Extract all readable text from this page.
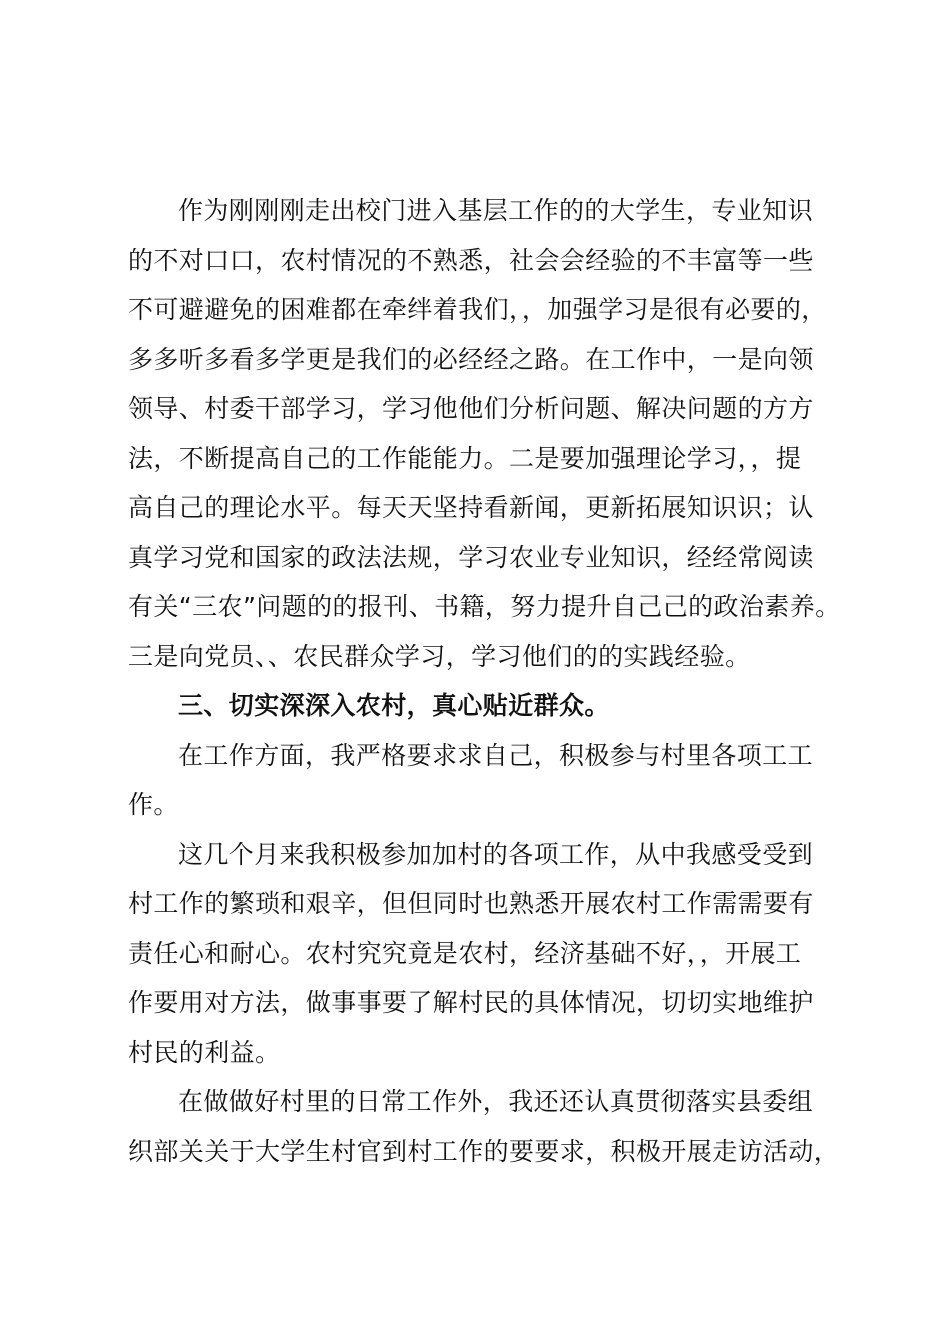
作为刚刚刚走出校门进入基层工作的的大学生，专业知识
的不对口口，农村情况的不熟悉，社会会经验的不丰富等一些
不可避避免的困难都在牵绊着我们，，加强学习是很有必要的，
多多听多看多学更是我们的必经经之路。在工作中，一是向领
领导、村委干部学习，学习他他们分析问题、解决问题的方方
法，不断提高自己的工作能能力。二是要加强理论学习，，提
高自己的理论水平。每天天坚持看新闻，更新拓展知识识；认
真学习党和国家的政法法规，学习农业专业知识，经经常阅读
有关“三农”问题的的报刊、书籍，努力提升自己己的政治素养。
三是向党员、、农民群众学习，学习他们的的实践经验。
三、切实深深入农村，真心贴近群众。
在工作方面，我严格要求求自己，积极参与村里各项工工
作。
这几个月来我积极参加加村的各项工作，从中我感受受到
村工作的繁琐和艰辛，但但同时也熟悉开展农村工作需需要有
责任心和耐心。农村究究竟是农村，经济基础不好，，开展工
作要用对方法，做事事要了解村民的具体情况，切切实地维护
村民的利益。
在做做好村里的日常工作外，我还还认真贯彻落实县委组
织部关关于大学生村官到村工作的要要求，积极开展走访活动，
